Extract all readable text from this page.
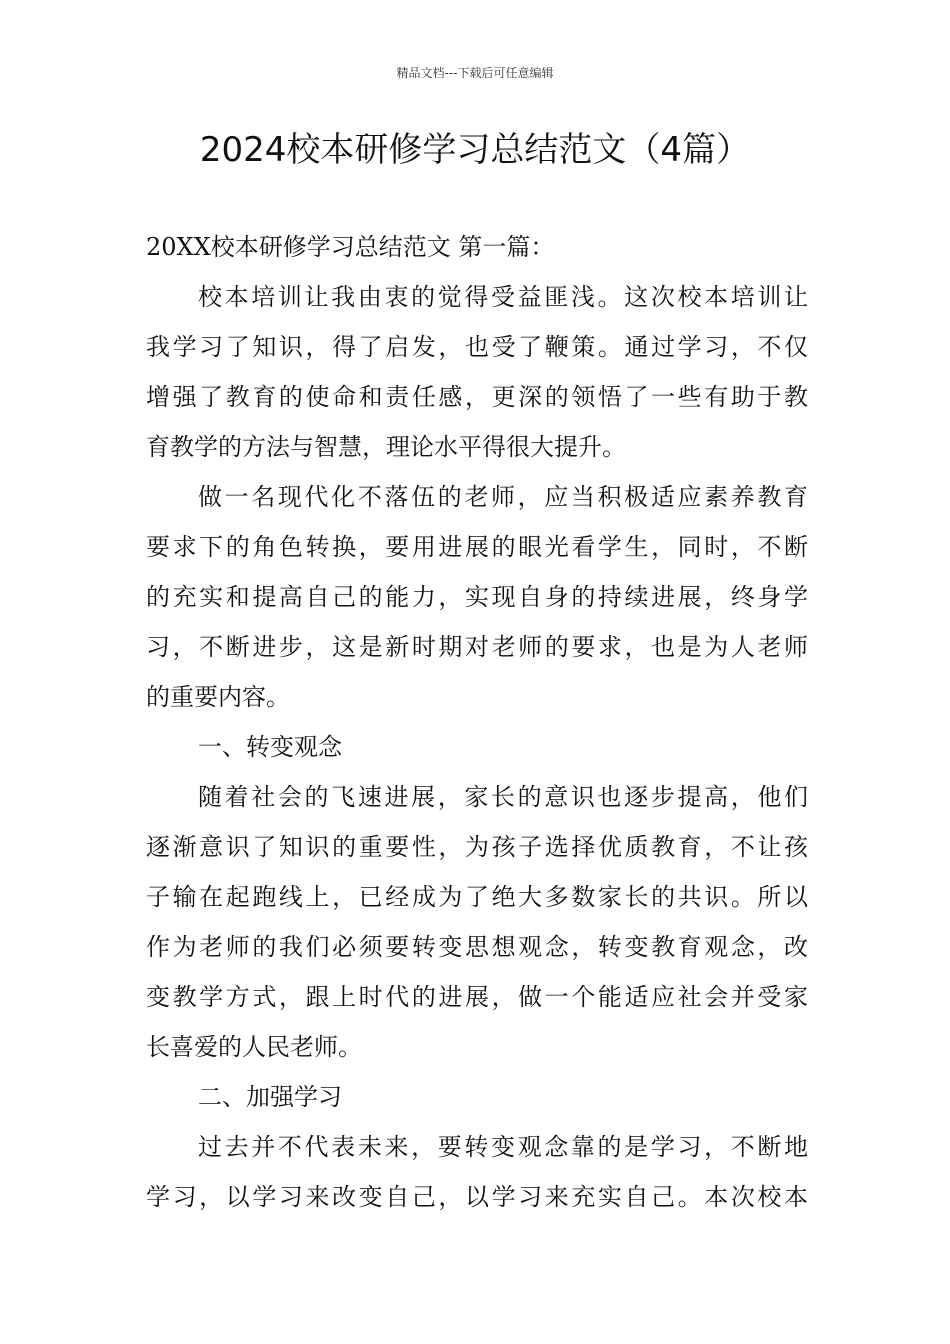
精品文档---下载后可任意编辑
2024校本研修学习总结范文（4篇）
20XX校本研修学习总结范文 第一篇：
校本培训让我由衷的觉得受益匪浅。这次校本培训让
我学习了知识，得了启发，也受了鞭策。通过学习，不仅
增强了教育的使命和责任感，更深的领悟了一些有助于教
育教学的方法与智慧，理论水平得很大提升。
做一名现代化不落伍的老师，应当积极适应素养教育
要求下的角色转换，要用进展的眼光看学生，同时，不断
的充实和提高自己的能力，实现自身的持续进展，终身学
习，不断进步，这是新时期对老师的要求，也是为人老师
的重要内容。
一、转变观念
随着社会的飞速进展，家长的意识也逐步提高，他们
逐渐意识了知识的重要性，为孩子选择优质教育，不让孩
子输在起跑线上，已经成为了绝大多数家长的共识。所以
作为老师的我们必须要转变思想观念，转变教育观念，改
变教学方式，跟上时代的进展，做一个能适应社会并受家
长喜爱的人民老师。
二、加强学习
过去并不代表未来，要转变观念靠的是学习，不断地
学习，以学习来改变自己，以学习来充实自己。本次校本
